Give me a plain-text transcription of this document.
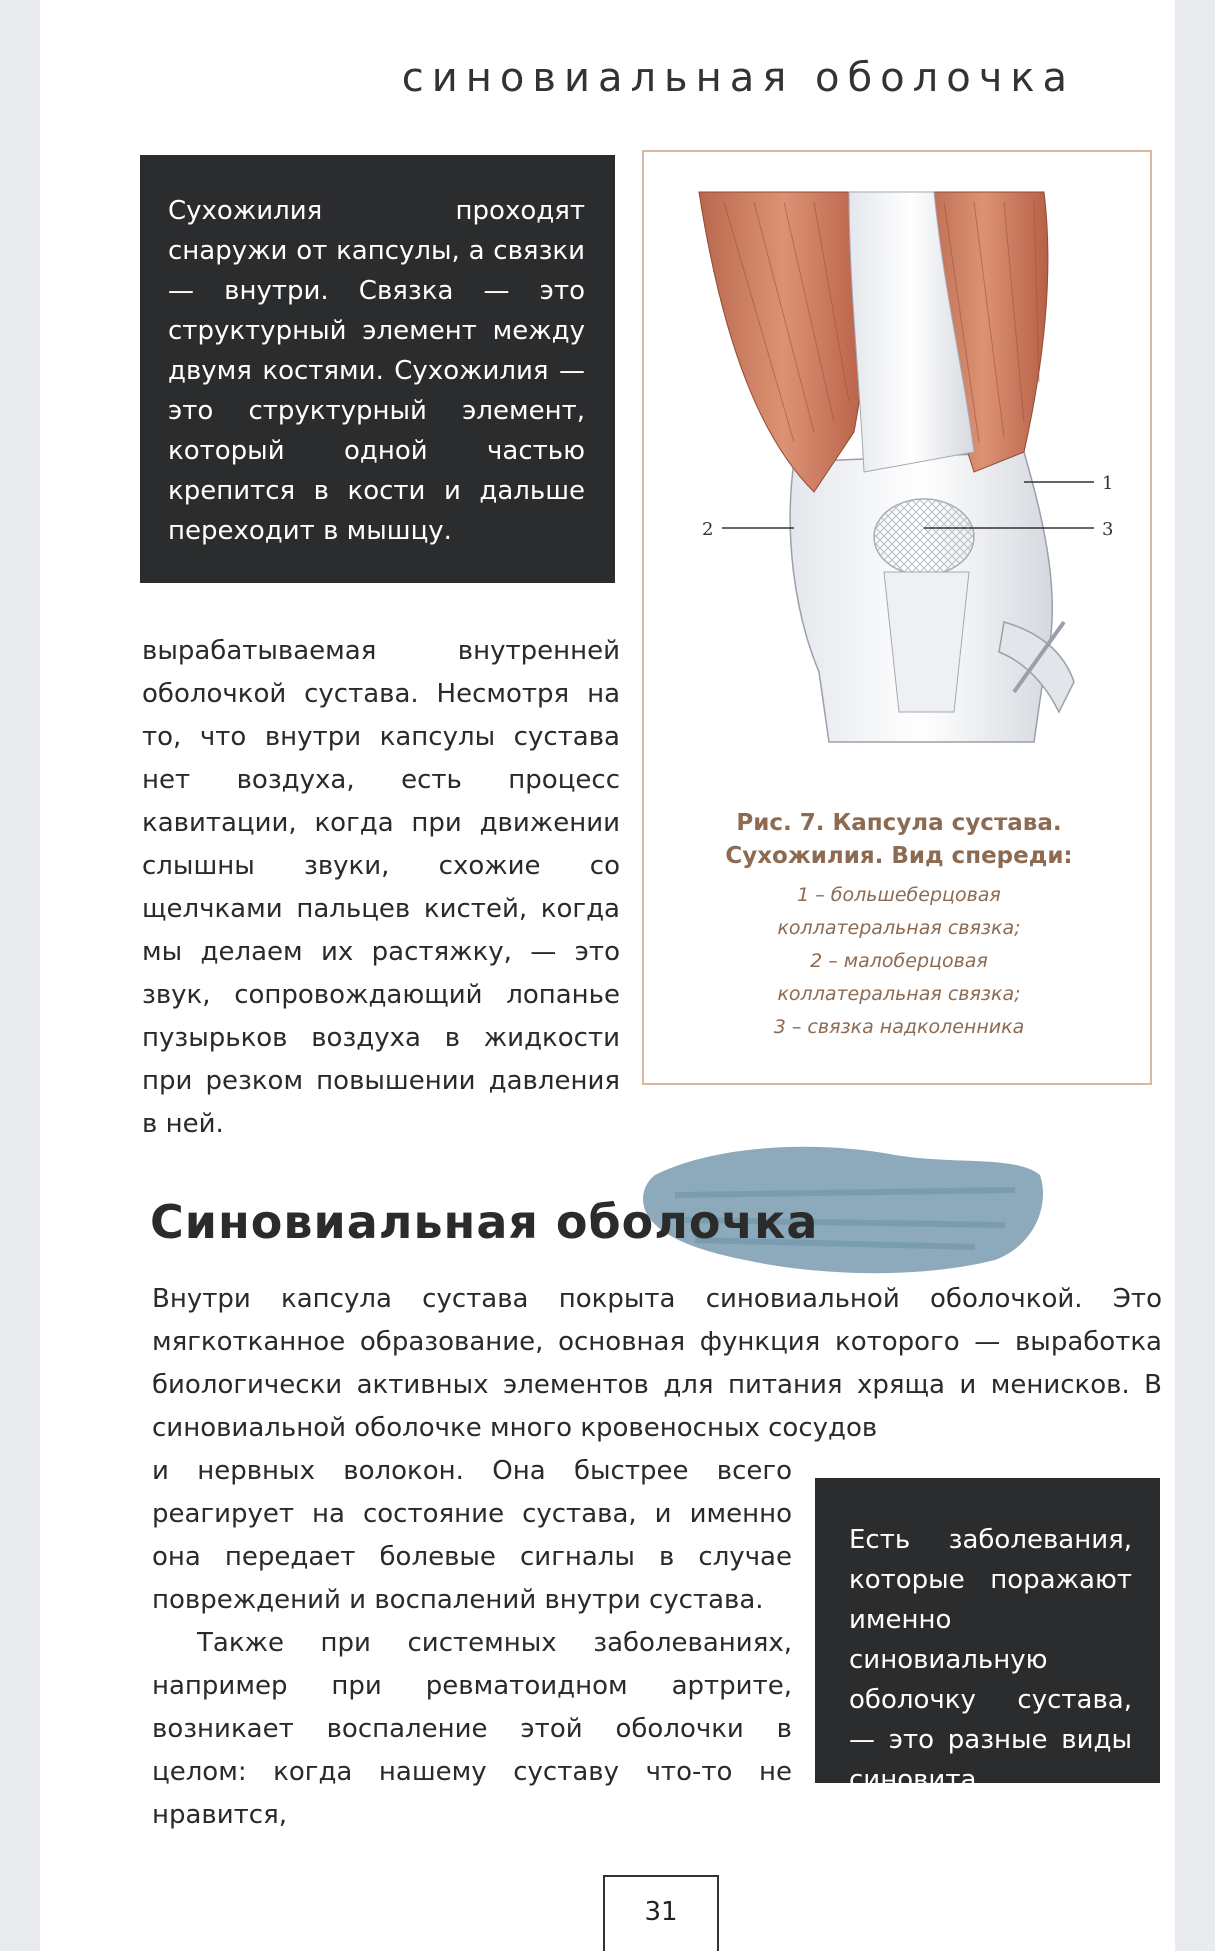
синовиальная оболочка
Сухожилия проходят снаружи от капсулы, а связки — внутри. Связка — это структурный элемент между двумя костями. Сухожилия — это структурный элемент, который одной частью крепится в кости и дальше переходит в мышцу.
вырабатываемая внутренней оболочкой сустава. Несмотря на то, что внутри капсулы сустава нет воздуха, есть процесс кавитации, когда при движении слышны звуки, схожие со щелчками пальцев кистей, когда мы делаем их растяжку, — это звук, сопровождающий лопанье пузырьков воздуха в жидкости при резком повышении давления в ней.
1
2	3
Рис. 7. Капсула сустава.
Сухожилия. Вид спереди:
1 – большеберцовая
коллатеральная связка;
2 – малоберцовая
коллатеральная связка;
3 – связка надколенника
Синовиальная оболочка
Внутри капсула сустава покрыта синовиальной оболочкой. Это мягкотканное образование, основная функция которого — выработка биологически активных элементов для питания хряща и менисков. В синовиальной оболочке много кровеносных сосудов

и нервных волокон. Она быстрее всего реагирует на состояние сустава, и именно она передает болевые сигналы в случае повреждений и воспалений внутри сустава.

Также при системных заболеваниях, например при ревматоидном артрите, возникает воспаление этой оболочки в целом: когда нашему суставу что-то не нравится,

Есть заболевания, которые поражают именно синовиальную оболочку сустава, — это разные виды синовита.
31
